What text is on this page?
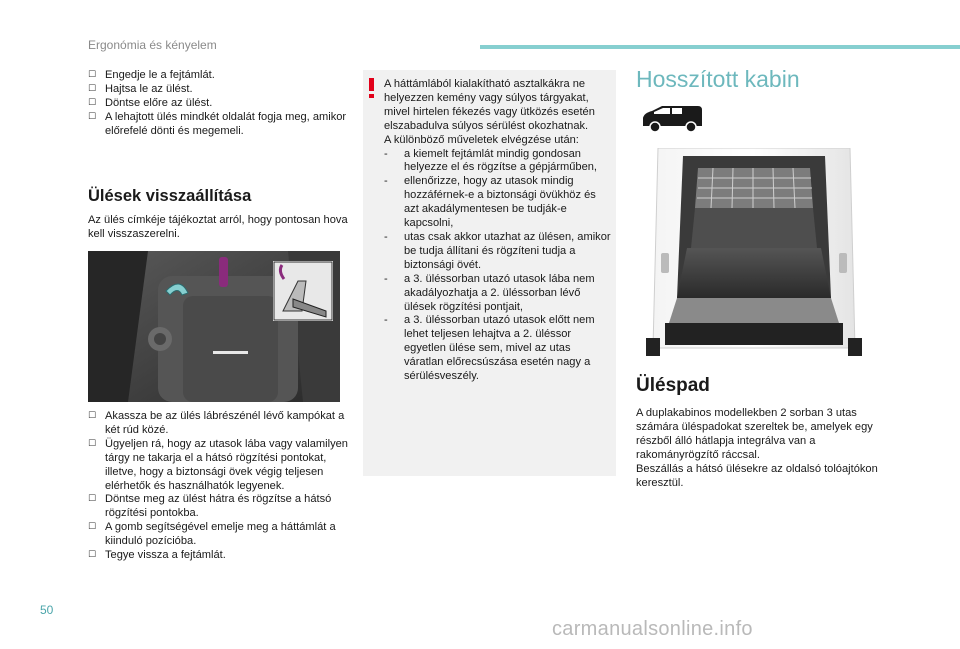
Ergonómia és kényelem
☐ Engedje le a fejtámlát.
☐ Hajtsa le az ülést.
☐ Döntse előre az ülést.
☐ A lehajtott ülés mindkét oldalát fogja meg, amikor előrefelé dönti és megemeli.
Ülések visszaállítása
Az ülés címkéje tájékoztat arról, hogy pontosan hova kell visszaszerelni.
☐ Akassza be az ülés lábrészénél lévő kampókat a két rúd közé.
☐ Ügyeljen rá, hogy az utasok lába vagy valamilyen tárgy ne takarja el a hátsó rögzítési pontokat, illetve, hogy a biztonsági övek végig teljesen elérhetők és használhatók legyenek.
☐ Döntse meg az ülést hátra és rögzítse a hátsó rögzítési pontokba.
☐ A gomb segítségével emelje meg a háttámlát a kiinduló pozícióba.
☐ Tegye vissza a fejtámlát.
A háttámlából kialakítható asztalkákra ne helyezzen kemény vagy súlyos tárgyakat, mivel hirtelen fékezés vagy ütközés esetén elszabadulva súlyos sérülést okozhatnak.
A különböző műveletek elvégzése után:
- a kiemelt fejtámlát mindig gondosan helyezze el és rögzítse a gépjárműben,
- ellenőrizze, hogy az utasok mindig hozzáférnek-e a biztonsági övükhöz és azt akadálymentesen be tudják-e kapcsolni,
- utas csak akkor utazhat az ülésen, amikor be tudja állítani és rögzíteni tudja a biztonsági övét.
- a 3. üléssorban utazó utasok lába nem akadályozhatja a 2. üléssorban lévő ülések rögzítési pontjait,
- a 3. üléssorban utazó utasok előtt nem lehet teljesen lehajtva a 2. üléssor egyetlen ülése sem, mivel az utas váratlan előrecsúszása esetén nagy a sérülésveszély.
Hosszított kabin
Üléspad
A duplakabinos modellekben 2 sorban 3 utas számára üléspadokat szereltek be, amelyek egy részből álló hátlapja integrálva van a rakományrögzítő ráccsal.
Beszállás a hátsó ülésekre az oldalsó tolóajtókon keresztül.
50
carmanualsonline.info
